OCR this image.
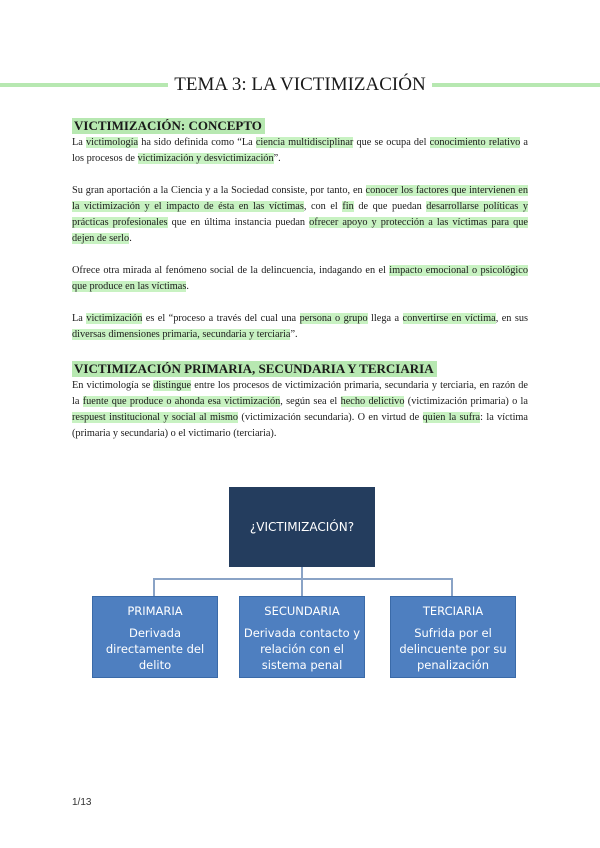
TEMA 3: LA VICTIMIZACIÓN
VICTIMIZACIÓN: CONCEPTO
La victimología ha sido definida como “La ciencia multidisciplinar que se ocupa del conocimiento relativo a los procesos de victimización y desvictimización”.
Su gran aportación a la Ciencia y a la Sociedad consiste, por tanto, en conocer los factores que intervienen en la victimización y el impacto de ésta en las víctimas, con el fin de que puedan desarrollarse políticas y prácticas profesionales que en última instancia puedan ofrecer apoyo y protección a las víctimas para que dejen de serlo.
Ofrece otra mirada al fenómeno social de la delincuencia, indagando en el impacto emocional o psicológico que produce en las víctimas.
La victimización es el “proceso a través del cual una persona o grupo llega a convertirse en víctima, en sus diversas dimensiones primaria, secundaria y terciaria”.
VICTIMIZACIÓN PRIMARIA, SECUNDARIA Y TERCIARIA
En victimología se distingue entre los procesos de victimización primaria, secundaria y terciaria, en razón de la fuente que produce o ahonda esa victimización, según sea el hecho delictivo (victimización primaria) o la respuest institucional y social al mismo (victimización secundaria). O en virtud de quien la sufra: la víctima (primaria y secundaria) o el victimario (terciaria).
¿VICTIMIZACIÓN?
PRIMARIA
Derivada directamente del delito
SECUNDARIA
Derivada contacto y relación con el sistema penal
TERCIARIA
Sufrida por el delincuente por su penalización
1/13
